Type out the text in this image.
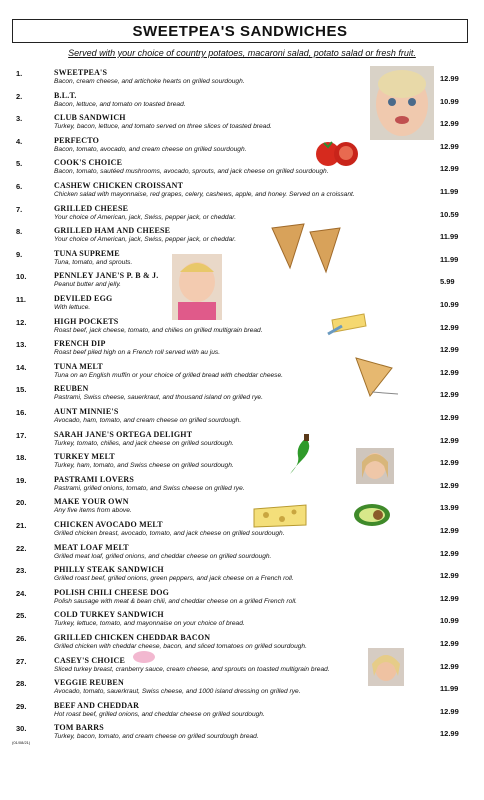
SWEETPEA'S SANDWICHES
Served with your choice of country potatoes, macaroni salad, potato salad or fresh fruit.
1.	SWEETPEA'S
Bacon, cream cheese, and artichoke hearts on grilled sourdough.	12.99
2.	B.L.T.
Bacon, lettuce, and tomato on toasted bread.	10.99
3.	CLUB SANDWICH
Turkey, bacon, lettuce, and tomato served on three slices of toasted bread.	12.99
4.	PERFECTO
Bacon, tomato, avocado, and cream cheese on grilled sourdough.	12.99
5.	COOK'S CHOICE
Bacon, tomato, sautéed mushrooms, avocado, sprouts, and jack cheese on grilled sourdough.	12.99
6.	CASHEW CHICKEN CROISSANT
Chicken salad with mayonnaise, red grapes, celery, cashews, apple, and honey. Served on a croissant.	11.99
7.	GRILLED CHEESE
Your choice of American, jack, Swiss, pepper jack, or cheddar.	10.59
8.	GRILLED HAM AND CHEESE
Your choice of American, jack, Swiss, pepper jack, or cheddar.	11.99
9.	TUNA SUPREME
Tuna, tomato, and sprouts.	11.99
10.	PENNLEY JANE'S P. B & J.
Peanut butter and jelly.	5.99
11.	DEVILED EGG
With lettuce.	10.99
12.	HIGH POCKETS
Roast beef, jack cheese, tomato, and chilies on grilled multigrain bread.	12.99
13.	FRENCH DIP
Roast beef piled high on a French roll served with au jus.	12.99
14.	TUNA MELT
Tuna on an English muffin or your choice of grilled bread with cheddar cheese.	12.99
15.	REUBEN
Pastrami, Swiss cheese, sauerkraut, and thousand island on grilled rye.	12.99
16.	AUNT MINNIE'S
Avocado, ham, tomato, and cream cheese on grilled sourdough.	12.99
17.	SARAH JANE'S ORTEGA DELIGHT
Turkey, tomato, chilies, and jack cheese on grilled sourdough.	12.99
18.	TURKEY MELT
Turkey, ham, tomato, and Swiss cheese on grilled sourdough.	12.99
19.	PASTRAMI LOVERS
Pastrami, grilled onions, tomato, and Swiss cheese on grilled rye.	12.99
20.	MAKE YOUR OWN
Any five items from above.	13.99
21.	CHICKEN AVOCADO MELT
Grilled chicken breast, avocado, tomato, and jack cheese on grilled sourdough.	12.99
22.	MEAT LOAF MELT
Grilled meat loaf, grilled onions, and cheddar cheese on grilled sourdough.	12.99
23.	PHILLY STEAK SANDWICH
Grilled roast beef, grilled onions, green peppers, and jack cheese on a French roll.	12.99
24.	POLISH CHILI CHEESE DOG
Polish sausage with meat & bean chili, and cheddar cheese on a grilled French roll.	12.99
25.	COLD TURKEY SANDWICH
Turkey, lettuce, tomato, and mayonnaise on your choice of bread.	10.99
26.	GRILLED CHICKEN CHEDDAR BACON
Grilled chicken with cheddar cheese, bacon, and sliced tomatoes on grilled sourdough.	12.99
27.	CASEY'S CHOICE
Sliced turkey breast, cranberry sauce, cream cheese, and sprouts on toasted multigrain bread.	12.99
28.	VEGGIE REUBEN
Avocado, tomato, sauerkraut, Swiss cheese, and 1000 island dressing on grilled rye.	11.99
29.	BEEF AND CHEDDAR
Hot roast beef, grilled onions, and cheddar cheese on grilled sourdough.	12.99
30.	TOM BARRS
Turkey, bacon, tomato, and cream cheese on grilled sourdough bread.	12.99
(01/08/21)
